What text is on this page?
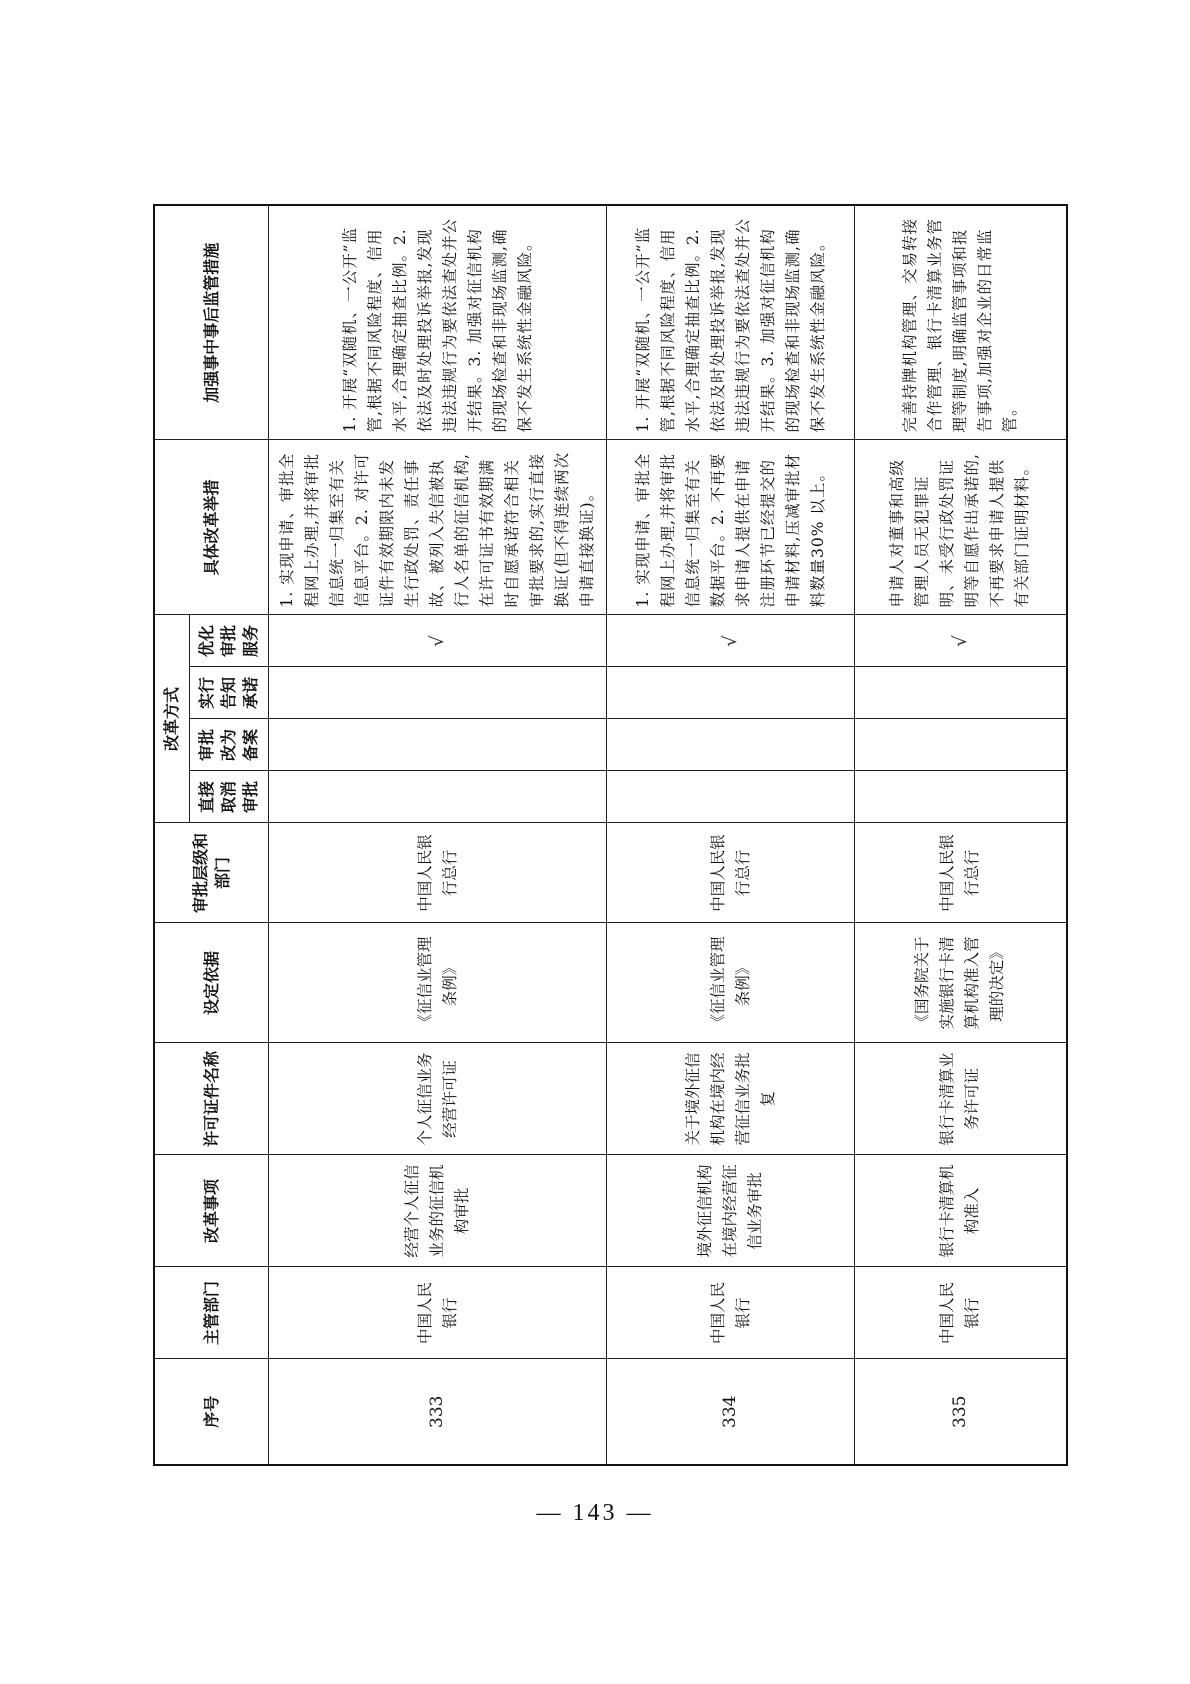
序号	主管部门	改革事项	许可证件名称	设定依据	审批层级和部门	改革方式				具体改革举措	加强事中事后监管措施
						直接取消审批	审批改为备案	实行告知承诺	优化审批服务		
333	中国人民银行	经营个人征信业务的征信机构审批	个人征信业务经营许可证	《征信业管理条例》	中国人民银行总行				√	1. 实现申请、审批全程网上办理,并将审批信息统一归集至有关信息平台。2. 对许可证件有效期限内未发生行政处罚、责任事故、被列入失信被执行人名单的征信机构,在许可证书有效期满时自愿承诺符合相关审批要求的,实行直接换证(但不得连续两次申请直接换证)。	1. 开展“双随机、一公开”监管,根据不同风险程度、信用水平,合理确定抽查比例。2. 依法及时处理投诉举报,发现违法违规行为要依法查处并公开结果。3. 加强对征信机构的现场检查和非现场监测,确保不发生系统性金融风险。
334	中国人民银行	境外征信机构在境内经营征信业务审批	关于境外征信机构在境内经营征信业务批复	《征信业管理条例》	中国人民银行总行				√	1. 实现申请、审批全程网上办理,并将审批信息统一归集至有关数据平台。2. 不再要求申请人提供在申请注册环节已经提交的申请材料,压减审批材料数量30% 以上。	1. 开展“双随机、一公开”监管,根据不同风险程度、信用水平,合理确定抽查比例。2. 依法及时处理投诉举报,发现违法违规行为要依法查处并公开结果。3. 加强对征信机构的现场检查和非现场监测,确保不发生系统性金融风险。
335	中国人民银行	银行卡清算机构准入	银行卡清算业务许可证	《国务院关于实施银行卡清算机构准入管理的决定》	中国人民银行总行				√	申请人对董事和高级管理人员无犯罪证明、未受行政处罚证明等自愿作出承诺的,不再要求申请人提供有关部门证明材料。	完善持牌机构管理、交易转接合作管理、银行卡清算业务管理等制度,明确监管事项和报告事项,加强对企业的日常监管。
— 143 —
